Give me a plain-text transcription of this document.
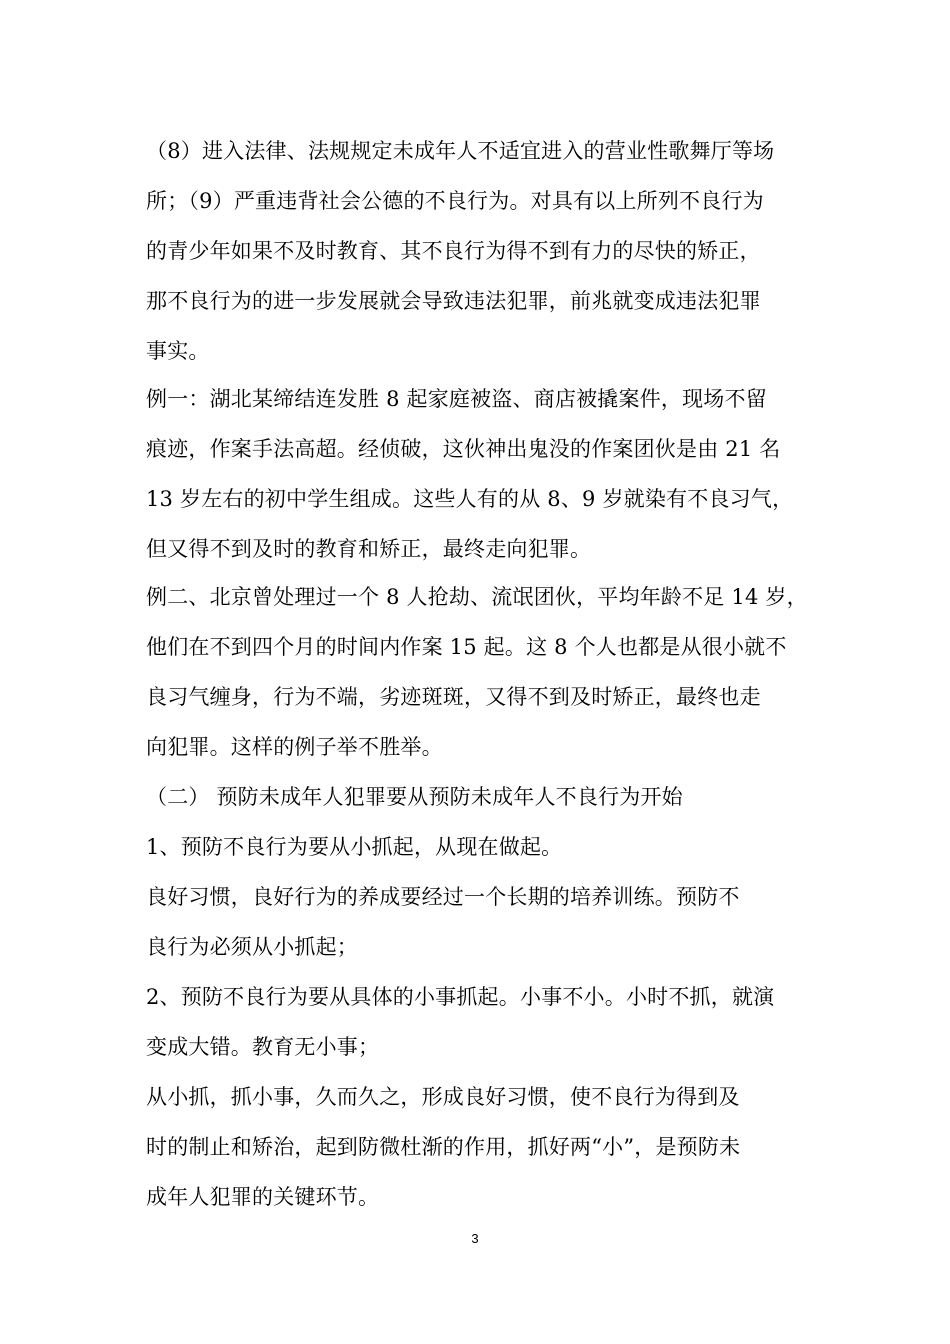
（8）进入法律、法规规定未成年人不适宜进入的营业性歌舞厅等场
所；（9）严重违背社会公德的不良行为。对具有以上所列不良行为
的青少年如果不及时教育、其不良行为得不到有力的尽快的矫正，
那不良行为的进一步发展就会导致违法犯罪，前兆就变成违法犯罪
事实。
例一：湖北某缔结连发胜 8 起家庭被盗、商店被撬案件，现场不留
痕迹，作案手法高超。经侦破，这伙神出鬼没的作案团伙是由 21 名
13 岁左右的初中学生组成。这些人有的从 8、9 岁就染有不良习气，
但又得不到及时的教育和矫正，最终走向犯罪。
例二、北京曾处理过一个 8 人抢劫、流氓团伙，平均年龄不足 14 岁，
他们在不到四个月的时间内作案 15 起。这 8 个人也都是从很小就不
良习气缠身，行为不端，劣迹斑斑，又得不到及时矫正，最终也走
向犯罪。这样的例子举不胜举。
（二） 预防未成年人犯罪要从预防未成年人不良行为开始
1、预防不良行为要从小抓起，从现在做起。
良好习惯，良好行为的养成要经过一个长期的培养训练。预防不
良行为必须从小抓起；
2、预防不良行为要从具体的小事抓起。小事不小。小时不抓，就演
变成大错。教育无小事；
从小抓，抓小事，久而久之，形成良好习惯，使不良行为得到及
时的制止和矫治，起到防微杜渐的作用，抓好两“小”，是预防未
成年人犯罪的关键环节。
3
